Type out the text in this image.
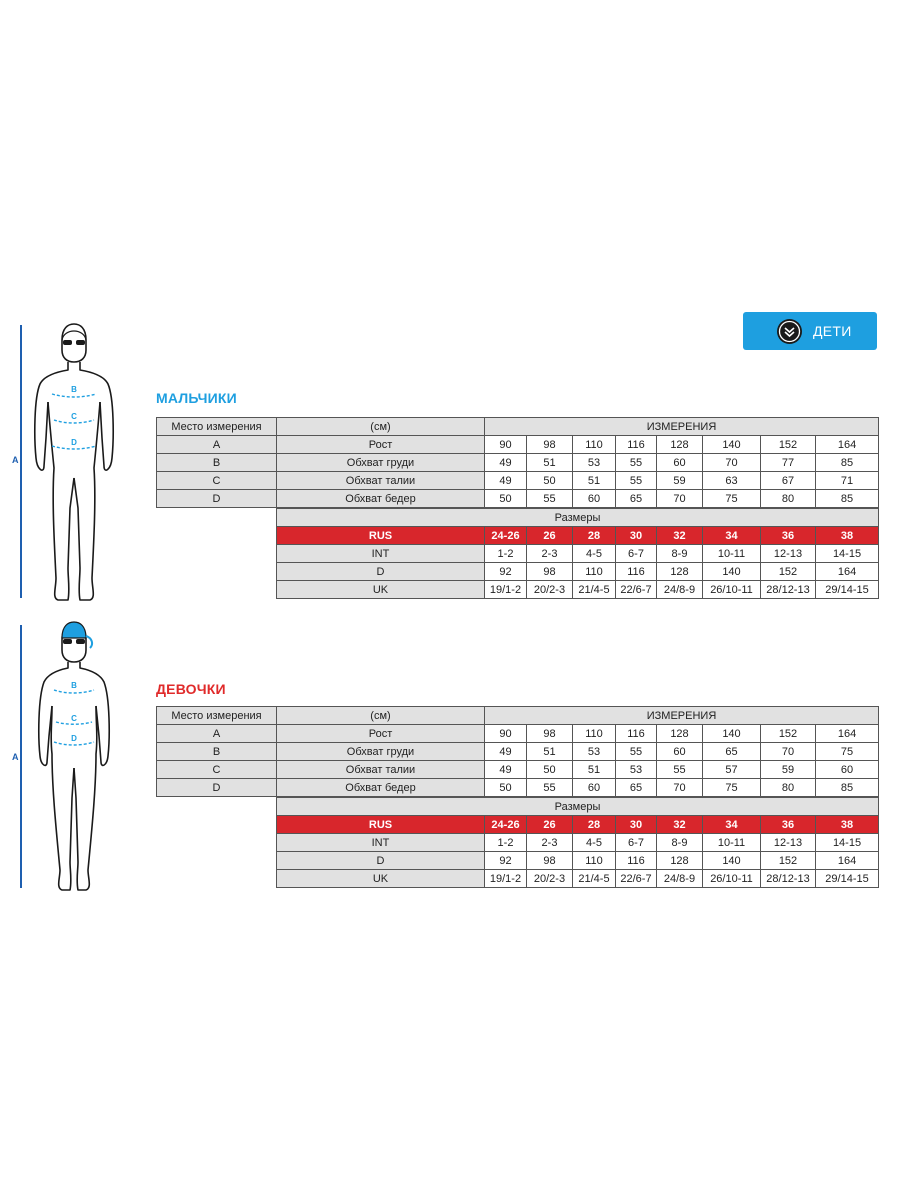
ДЕТИ
A
B
C
D
A
B
C
D
МАЛЬЧИКИ
ДЕВОЧКИ
Место измерения	(см)	ИЗМЕРЕНИЯ							
A	Рост	90	98	110	116	128	140	152	164
B	Обхват груди	49	51	53	55	60	70	77	85
C	Обхват талии	49	50	51	55	59	63	67	71
D	Обхват бедер	50	55	60	65	70	75	80	85
Размеры								
RUS	24-26	26	28	30	32	34	36	38
INT	1-2	2-3	4-5	6-7	8-9	10-11	12-13	14-15
D	92	98	110	116	128	140	152	164
UK	19/1-2	20/2-3	21/4-5	22/6-7	24/8-9	26/10-11	28/12-13	29/14-15
Место измерения	(см)	ИЗМЕРЕНИЯ							
A	Рост	90	98	110	116	128	140	152	164
B	Обхват груди	49	51	53	55	60	65	70	75
C	Обхват талии	49	50	51	53	55	57	59	60
D	Обхват бедер	50	55	60	65	70	75	80	85
Размеры								
RUS	24-26	26	28	30	32	34	36	38
INT	1-2	2-3	4-5	6-7	8-9	10-11	12-13	14-15
D	92	98	110	116	128	140	152	164
UK	19/1-2	20/2-3	21/4-5	22/6-7	24/8-9	26/10-11	28/12-13	29/14-15
